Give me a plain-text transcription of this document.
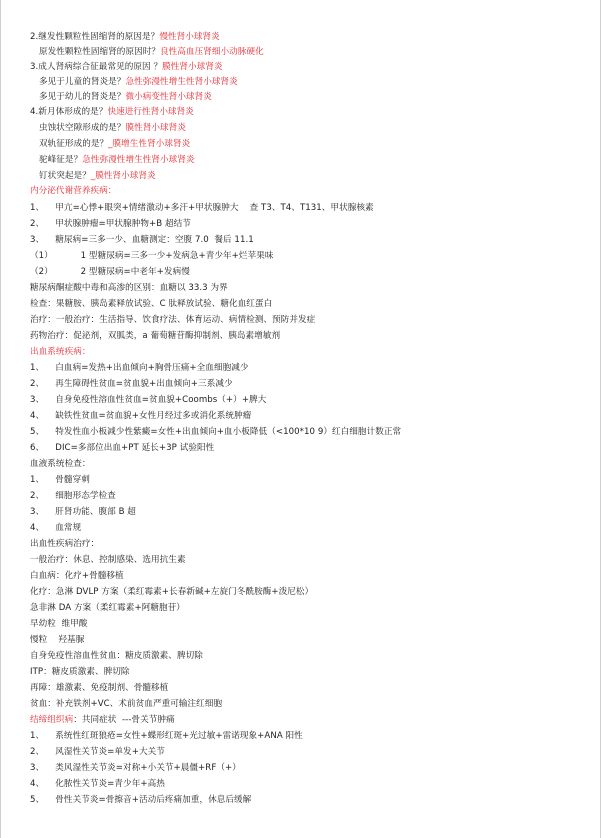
2.继发性颗粒性固缩肾的原因是？慢性肾小球肾炎
原发性颗粒性固缩肾的原因时？良性高血压肾细小动脉硬化
3.成人肾病综合征最常见的原因 ？膜性肾小球肾炎
多见于儿童的肾炎是？急性弥漫性增生性肾小球肾炎
多见于幼儿的肾炎是？微小病变性肾小球肾炎
4.新月体形成的是？快速进行性肾小球肾炎
虫蚀状空隙形成的是？膜性肾小球肾炎
双轨征形成的是？_膜增生性肾小球肾炎
驼峰征是？急性弥漫性增生性肾小球肾炎
钉状突起是？_膜性肾小球肾炎
内分泌代谢营养疾病：
1、    甲亢=心悸+眼突+情绪激动+多汗+甲状腺肿大    查 T3、T4、T131、甲状腺核素
2、    甲状腺肿瘤=甲状腺肿物+B 超结节
3、    糖尿病=三多一少、血糖测定：空腹 7.0  餐后 11.1
（1）          1 型糖尿病=三多一少+发病急+青少年+烂苹果味
（2）          2 型糖尿病=中老年+发病慢
糖尿病酮症酸中毒和高渗的区别：血糖以 33.3 为界
检查：果糖胺、胰岛素释放试验、C 肽释放试验、糖化血红蛋白
治疗：一般治疗：生活指导、饮食疗法、体育运动、病情检测、预防并发症
药物治疗：促泌剂，双胍类，a 葡萄糖苷酶抑制剂、胰岛素增敏剂
出血系统疾病：
1、    白血病=发热+出血倾向+胸骨压痛+全血细胞减少
2、    再生障碍性贫血=贫血貌+出血倾向+三系减少
3、    自身免疫性溶血性贫血=贫血貌+Coombs（+）+脾大
4、    缺铁性贫血=贫血貌+女性月经过多或消化系统肿瘤
5、    特发性血小板减少性紫癜=女性+出血倾向+血小板降低（<100*10 9）红白细胞计数正常
6、    DIC=多部位出血+PT 延长+3P 试验阳性
血液系统检查：
1、    骨髓穿刺
2、    细胞形态学检查
3、    肝肾功能、腹部 B 超
4、    血常规
出血性疾病治疗：
一般治疗：休息、控制感染、选用抗生素
白血病：化疗+骨髓移植
化疗：急淋 DVLP 方案（柔红霉素+长春新碱+左旋门冬酰胺酶+泼尼松）
急非淋 DA 方案（柔红霉素+阿糖胞苷）
早幼粒  维甲酸
慢粒    羟基脲
自身免疫性溶血性贫血：糖皮质激素、脾切除
ITP：糖皮质激素、脾切除
再障：雄激素、免疫制剂、骨髓移植
贫血：补充铁剂+VC、术前贫血严重可输注红细胞
结缔组织病：共同症状  ---骨关节肿痛
1、    系统性红斑狼疮=女性+蝶形红斑+光过敏+雷诺现象+ANA 阳性
2、    风湿性关节炎=单发+大关节
3、    类风湿性关节炎=对称+小关节+晨僵+RF（+）
4、    化脓性关节炎=青少年+高热
5、    骨性关节炎=骨擦音+活动后疼痛加重，休息后缓解
